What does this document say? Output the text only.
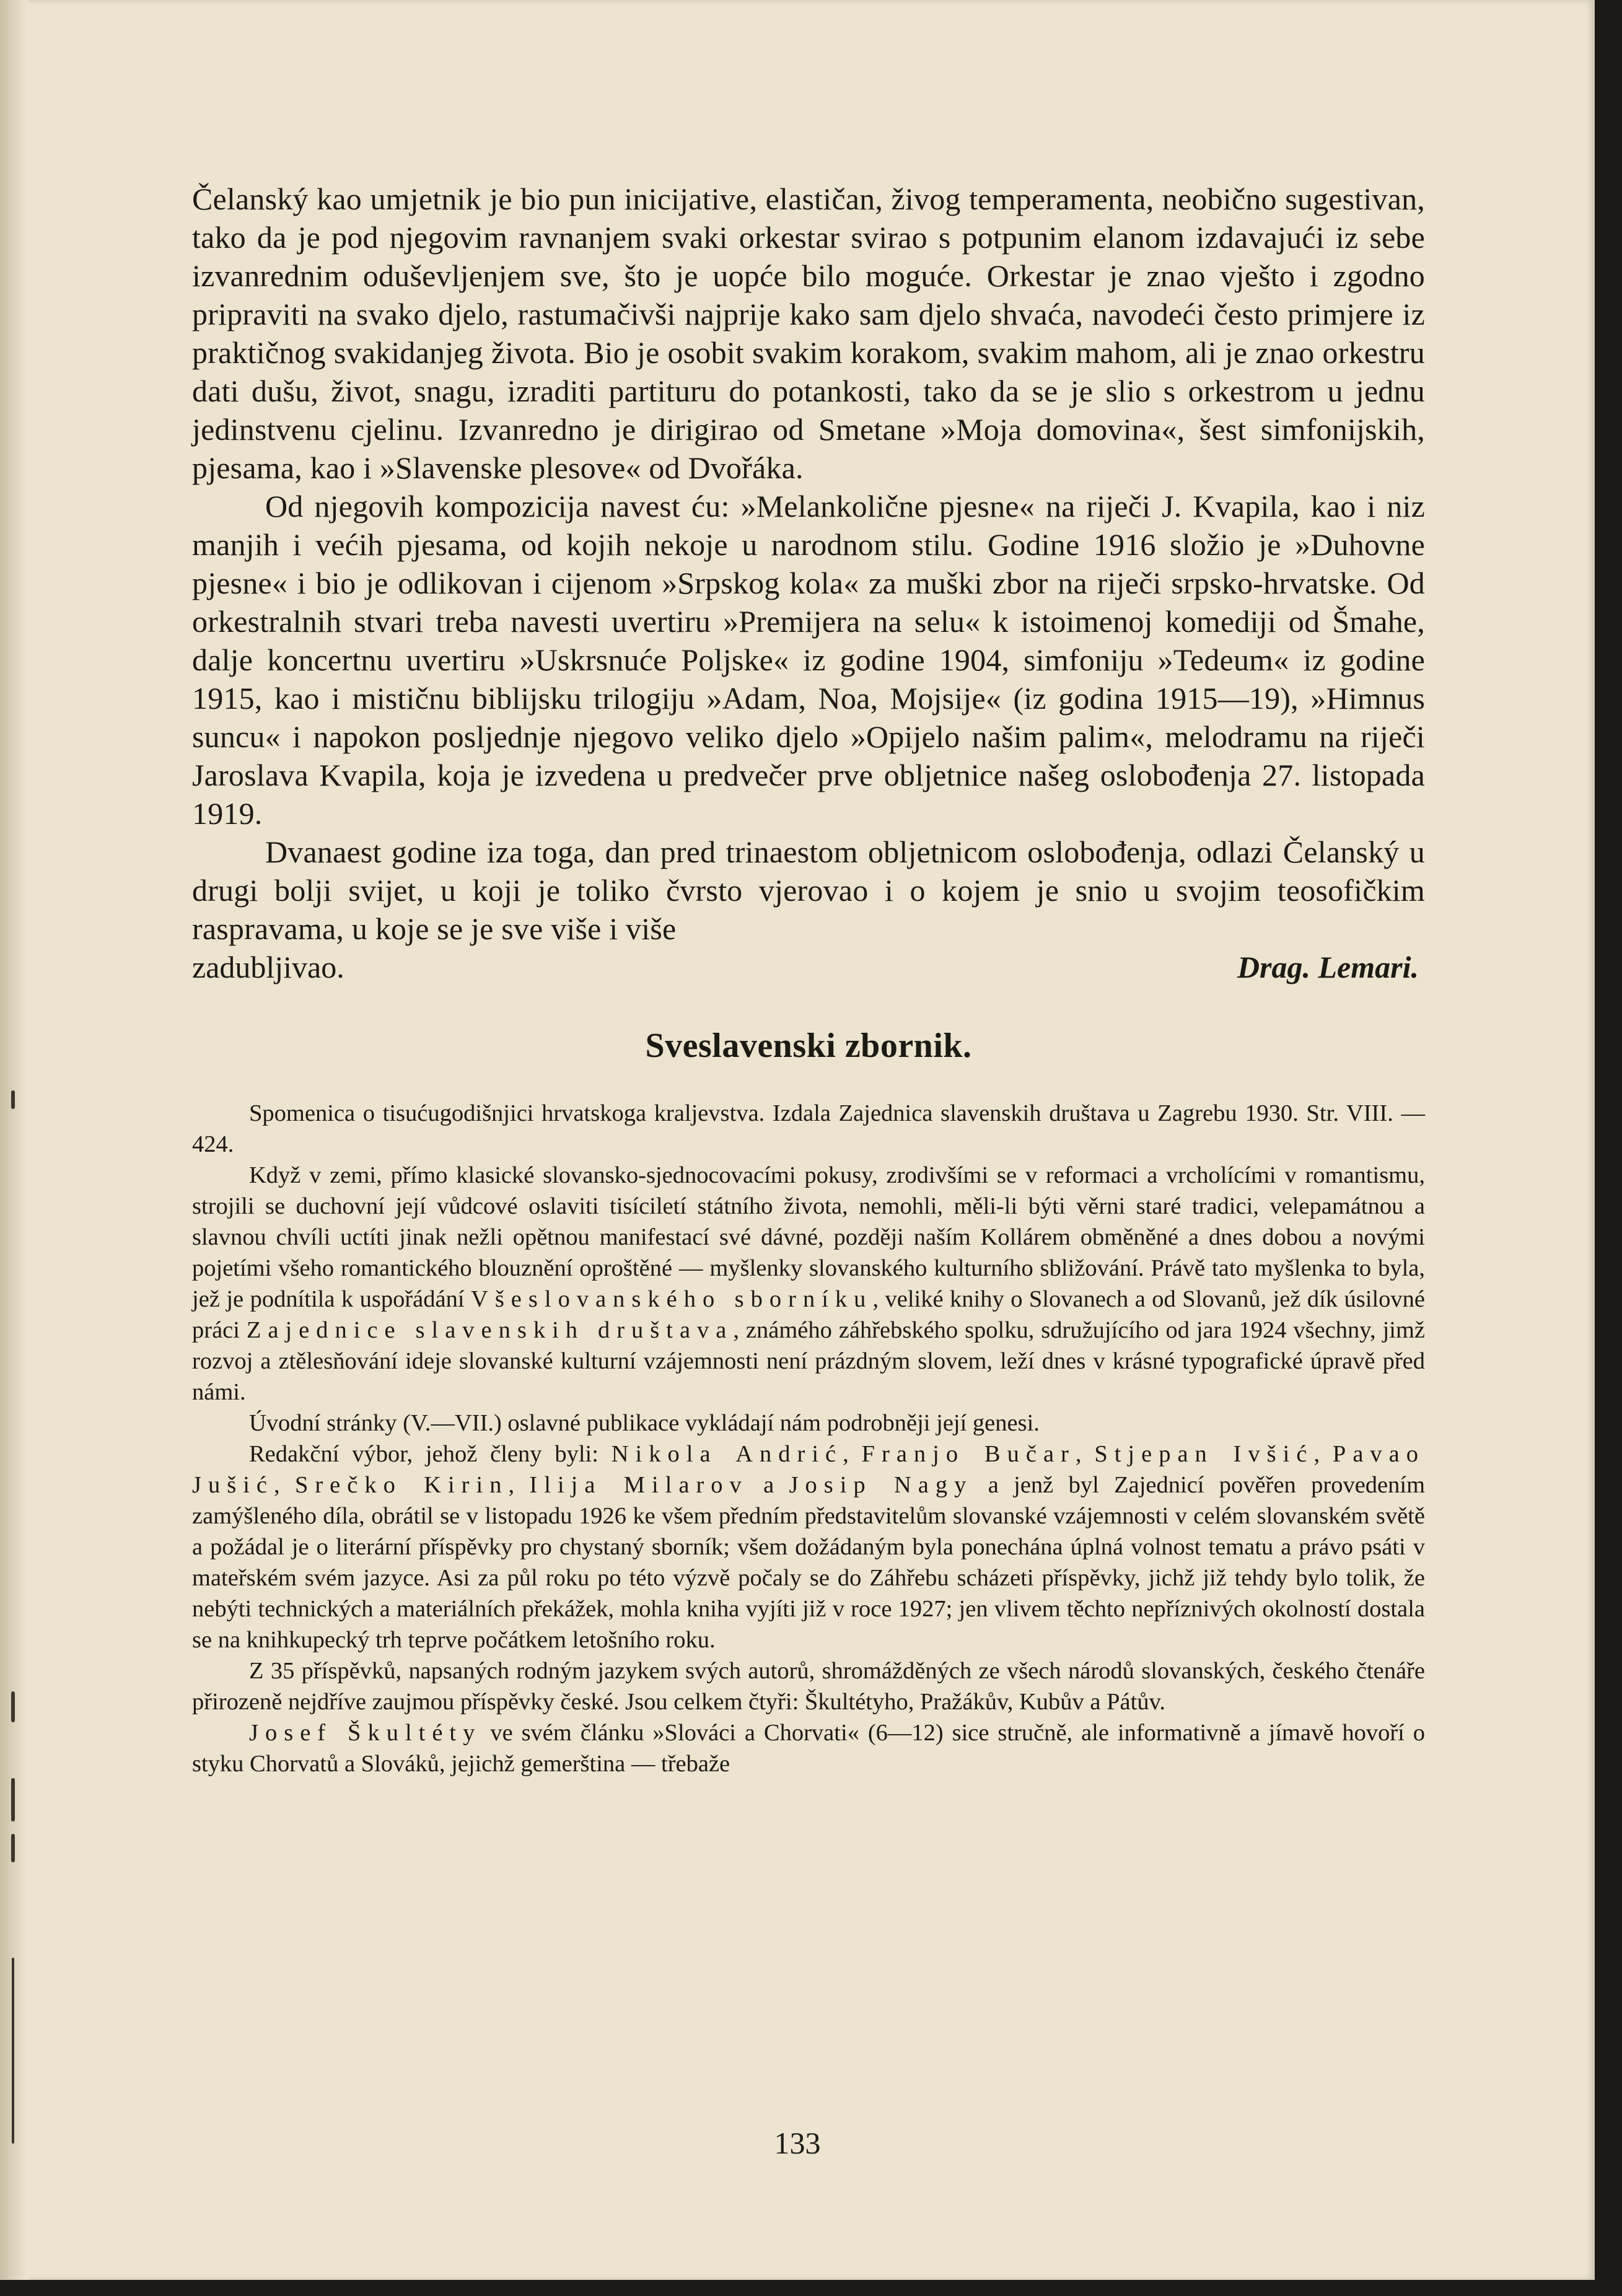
Čelanský kao umjetnik je bio pun inicijative, elastičan, živog temperamenta, neobično sugestivan, tako da je pod njegovim ravnanjem svaki orkestar svirao s potpunim elanom izdavajući iz sebe izvanrednim oduševljenjem sve, što je uopće bilo moguće. Orkestar je znao vješto i zgodno pripraviti na svako djelo, rastumačivši najprije kako sam djelo shvaća, navodeći često primjere iz praktičnog svakidanjeg života. Bio je osobit svakim korakom, svakim mahom, ali je znao orkestru dati dušu, život, snagu, izraditi partituru do potankosti, tako da se je slio s orkestrom u jednu jedinstvenu cjelinu. Izvanredno je dirigirao od Smetane »Moja domovina«, šest simfonijskih, pjesama, kao i »Slavenske plesove« od Dvořáka.

Od njegovih kompozicija navest ću: »Melankolične pjesne« na riječi J. Kvapila, kao i niz manjih i većih pjesama, od kojih nekoje u narodnom stilu. Godine 1916 složio je »Duhovne pjesne« i bio je odlikovan i cijenom »Srpskog kola« za muški zbor na riječi srpsko-hrvatske. Od orkestralnih stvari treba navesti uvertiru »Premijera na selu« k istoimenoj komediji od Šmahe, dalje koncertnu uvertiru »Uskrsnuće Poljske« iz godine 1904, simfoniju »Tedeum« iz godine 1915, kao i mističnu biblijsku trilogiju »Adam, Noa, Mojsije« (iz godina 1915—19), »Himnus suncu« i napokon posljednje njegovo veliko djelo »Opijelo našim palim«, melodramu na riječi Jaroslava Kvapila, koja je izvedena u predvečer prve obljetnice našeg oslobođenja 27. listopada 1919.

Dvanaest godine iza toga, dan pred trinaestom obljetnicom oslobođenja, odlazi Čelanský u drugi bolji svijet, u koji je toliko čvrsto vjerovao i o kojem je snio u svojim teosofičkim raspravama, u koje se je sve više i više

zadubljivao.	Drag. Lemari.
Sveslavenski zbornik.

Spomenica o tisućugodišnjici hrvatskoga kraljevstva. Izdala Zajednica slavenskih društava u Zagrebu 1930. Str. VIII. — 424.

Když v zemi, přímo klasické slovansko-sjednocovacími pokusy, zrodivšími se v reformaci a vrcholícími v romantismu, strojili se duchovní její vůdcové oslaviti tisíciletí státního života, nemohli, měli-li býti věrni staré tradici, velepamátnou a slavnou chvíli uctíti jinak nežli opětnou manifestací své dávné, později naším Kollárem obměněné a dnes dobou a novými pojetími všeho romantického blouznění oproštěné — myšlenky slovanského kulturního sbližování. Právě tato myšlenka to byla, jež je podnítila k uspořádání Všeslovanského sborníku, veliké knihy o Slovanech a od Slovanů, jež dík úsilovné práci Zajednice slavenskih društava, známého záhřebského spolku, sdružujícího od jara 1924 všechny, jimž rozvoj a ztělesňování ideje slovanské kulturní vzájemnosti není prázdným slovem, leží dnes v krásné typografické úpravě před námi.

Úvodní stránky (V.—VII.) oslavné publikace vykládají nám podrobněji její genesi.

Redakční výbor, jehož členy byli: Nikola Andrić, Franjo Bučar, Stjepan Ivšić, Pavao Jušić, Srečko Kirin, Ilija Milarov a Josip Nagy a jenž byl Zajednicí pověřen provedením zamýšleného díla, obrátil se v listopadu 1926 ke všem předním představitelům slovanské vzájemnosti v celém slovanském světě a požádal je o literární příspěvky pro chystaný sborník; všem dožádaným byla ponechána úplná volnost tematu a právo psáti v mateřském svém jazyce. Asi za půl roku po této výzvě počaly se do Záhřebu scházeti příspěvky, jichž již tehdy bylo tolik, že nebýti technických a materiálních překážek, mohla kniha vyjíti již v roce 1927; jen vlivem těchto nepříznivých okolností dostala se na knihkupecký trh teprve počátkem letošního roku.

Z 35 příspěvků, napsaných rodným jazykem svých autorů, shromážděných ze všech národů slovanských, českého čtenáře přirozeně nejdříve zaujmou příspěvky české. Jsou celkem čtyři: Škultétyho, Pražákův, Kubův a Pátův.

Josef Škultéty ve svém článku »Slováci a Chorvati« (6—12) sice stručně, ale informativně a jímavě hovoří o styku Chorvatů a Slováků, jejichž gemerština — třebaže

133
